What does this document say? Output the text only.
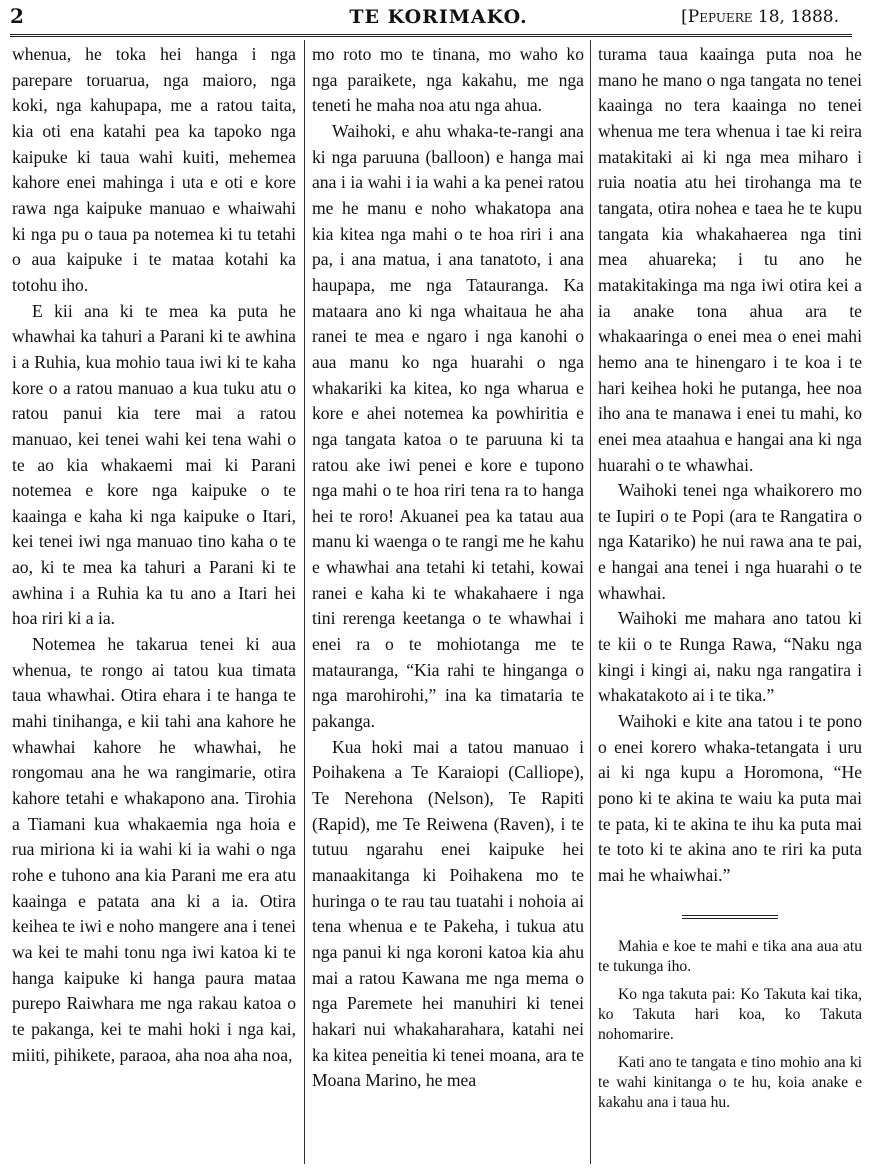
2	TE KORIMAKO.	[Pepuere 18, 1888.

whenua, he toka hei hanga i nga parepare toruarua, nga maioro, nga koki, nga kahupapa, me a ratou taita, kia oti ena katahi pea ka tapoko nga kaipuke ki taua wahi kuiti, mehemea kahore enei mahinga i uta e oti e kore rawa nga kaipuke manuao e whaiwahi ki nga pu o taua pa notemea ki tu tetahi o aua kaipuke i te mataa kotahi ka totohu iho.

E kii ana ki te mea ka puta he whawhai ka tahuri a Parani ki te awhina i a Ruhia, kua mohio taua iwi ki te kaha kore o a ratou manuao a kua tuku atu o ratou panui kia tere mai a ratou manuao, kei tenei wahi kei tena wahi o te ao kia whakaemi mai ki Parani notemea e kore nga kaipuke o te kaainga e kaha ki nga kaipuke o Itari, kei tenei iwi nga manuao tino kaha o te ao, ki te mea ka tahuri a Parani ki te awhina i a Ruhia ka tu ano a Itari hei hoa riri ki a ia.

Notemea he takarua tenei ki aua whenua, te rongo ai tatou kua timata taua whawhai. Otira ehara i te hanga te mahi tinihanga, e kii tahi ana kahore he whawhai kahore he whawhai, he rongomau ana he wa rangimarie, otira kahore tetahi e whakapono ana. Tirohia a Tiamani kua whakaemia nga hoia e rua miriona ki ia wahi ki ia wahi o nga rohe e tuhono ana kia Parani me era atu kaainga e patata ana ki a ia. Otira keihea te iwi e noho mangere ana i tenei wa kei te mahi tonu nga iwi katoa ki te hanga kaipuke ki hanga paura mataa purepo Raiwhara me nga rakau katoa o te pakanga, kei te mahi hoki i nga kai, miiti, pihikete, paraoa, aha noa aha noa,

mo roto mo te tinana, mo waho ko nga paraikete, nga kakahu, me nga teneti he maha noa atu nga ahua.

Waihoki, e ahu whaka-te-rangi ana ki nga paruuna (balloon) e hanga mai ana i ia wahi i ia wahi a ka penei ratou me he manu e noho whakatopa ana kia kitea nga mahi o te hoa riri i ana pa, i ana matua, i ana tanatoto, i ana haupapa, me nga Tatauranga. Ka mataara ano ki nga whaitaua he aha ranei te mea e ngaro i nga kanohi o aua manu ko nga huarahi o nga whakariki ka kitea, ko nga wharua e kore e ahei notemea ka powhiritia e nga tangata katoa o te paruuna ki ta ratou ake iwi penei e kore e tupono nga mahi o te hoa riri tena ra to hanga hei te roro! Akuanei pea ka tatau aua manu ki waenga o te rangi me he kahu e whawhai ana tetahi ki tetahi, kowai ranei e kaha ki te whakahaere i nga tini rerenga keetanga o te whawhai i enei ra o te mohiotanga me te matauranga, “Kia rahi te hinganga o nga marohirohi,” ina ka timataria te pakanga.

Kua hoki mai a tatou manuao i Poihakena a Te Karaiopi (Calliope), Te Nerehona (Nelson), Te Rapiti (Rapid), me Te Reiwena (Raven), i te tutuu ngarahu enei kaipuke hei manaakitanga ki Poihakena mo te huringa o te rau tau tuatahi i nohoia ai tena whenua e te Pakeha, i tukua atu nga panui ki nga koroni katoa kia ahu mai a ratou Kawana me nga mema o nga Paremete hei manuhiri ki tenei hakari nui whakaharahara, katahi nei ka kitea peneitia ki tenei moana, ara te Moana Marino, he mea

turama taua kaainga puta noa he mano he mano o nga tangata no tenei kaainga no tera kaainga no tenei whenua me tera whenua i tae ki reira matakitaki ai ki nga mea miharo i ruia noatia atu hei tirohanga ma te tangata, otira nohea e taea he te kupu tangata kia whakahaerea nga tini mea ahuareka; i tu ano he matakitakinga ma nga iwi otira kei a ia anake tona ahua ara te whakaaringa o enei mea o enei mahi hemo ana te hinengaro i te koa i te hari keihea hoki he putanga, hee noa iho ana te manawa i enei tu mahi, ko enei mea ataahua e hangai ana ki nga huarahi o te whawhai.

Waihoki tenei nga whaikorero mo te Iupiri o te Popi (ara te Rangatira o nga Katariko) he nui rawa ana te pai, e hangai ana tenei i nga huarahi o te whawhai.

Waihoki me mahara ano tatou ki te kii o te Runga Rawa, “Naku nga kingi i kingi ai, naku nga rangatira i whakatakoto ai i te tika.”

Waihoki e kite ana tatou i te pono o enei korero whaka-tetangata i uru ai ki nga kupu a Horomona, “He pono ki te akina te waiu ka puta mai te pata, ki te akina te ihu ka puta mai te toto ki te akina ano te riri ka puta mai he whaiwhai.”

Mahia e koe te mahi e tika ana aua atu te tukunga iho.

Ko nga takuta pai: Ko Takuta kai tika, ko Takuta hari koa, ko Takuta nohomarire.

Kati ano te tangata e tino mohio ana ki te wahi kinitanga o te hu, koia anake e kakahu ana i taua hu.
